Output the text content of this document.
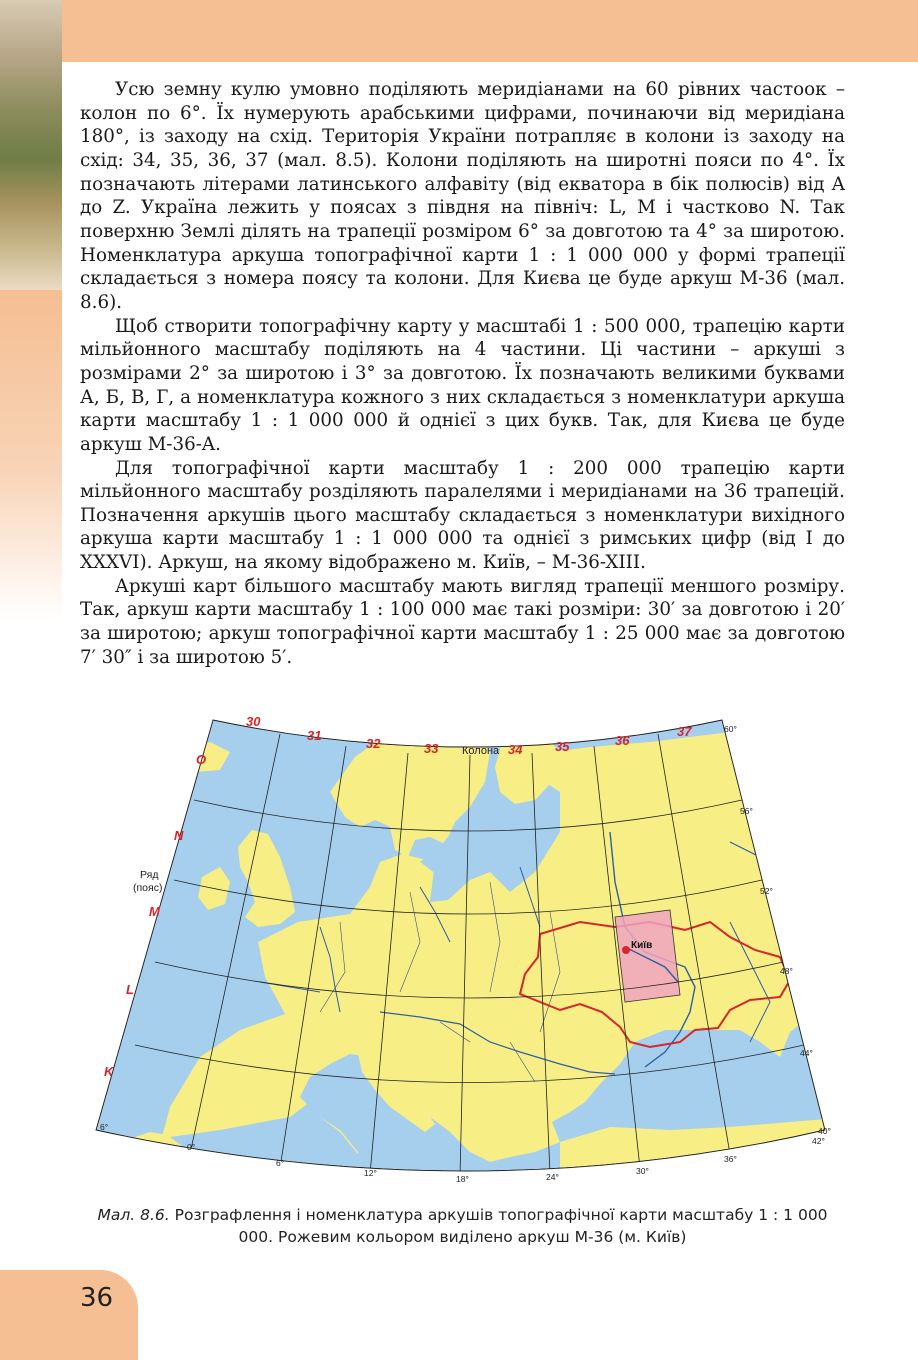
Усю земну кулю умовно поділяють меридіанами на 60 рівних частоок – колон по 6°. Їх нумерують арабськими цифрами, починаючи від меридіана 180°, із заходу на схід. Територія України потрапляє в колони із заходу на схід: 34, 35, 36, 37 (мал. 8.5). Колони поділяють на широтні пояси по 4°. Їх позначають літерами латинського алфавіту (від екватора в бік полюсів) від A до Z. Україна лежить у поясах з півдня на північ: L, M і частково N. Так поверхню Землі ділять на трапеції розміром 6° за довготою та 4° за широтою. Номенклатура аркуша топографічної карти 1 : 1 000 000 у формі трапеції складається з номера поясу та колони. Для Києва це буде аркуш M-36 (мал. 8.6).

Щоб створити топографічну карту у масштабі 1 : 500 000, трапецію карти мільйонного масштабу поділяють на 4 частини. Ці частини – аркуші з розмірами 2° за широтою і 3° за довготою. Їх позначають великими буквами А, Б, В, Г, а номенклатура кожного з них складається з номенклатури аркуша карти масштабу 1 : 1 000 000 й однієї з цих букв. Так, для Києва це буде аркуш M-36-A.

Для топографічної карти масштабу 1 : 200 000 трапецію карти мільйонного масштабу розділяють паралелями і меридіанами на 36 трапецій. Позначення аркушів цього масштабу складається з номенклатури вихідного аркуша карти масштабу 1 : 1 000 000 та однієї з римських цифр (від I до XXXVI). Аркуш, на якому відображено м. Київ, – M-36-XIII.

Аркуші карт більшого масштабу мають вигляд трапеції меншого розміру. Так, аркуш карти масштабу 1 : 100 000 має такі розміри: 30′ за довготою і 20′ за широтою; аркуш топографічної карти масштабу 1 : 25 000 має за довготою 7′ 30″ і за широтою 5′.

Київ
30
31
32	33	34	35	36
37
Колона
O
N
M
L
K
Ряд
(пояс)
60°
56°
52°
48°
44°
40°
6°
0°
6°
12°
18°	24°
30°
36°
42°
Мал. 8.6. Розграфлення і номенклатура аркушів топографічної карти масштабу 1 : 1 000 000. Рожевим кольором виділено аркуш M-36 (м. Київ)
36
